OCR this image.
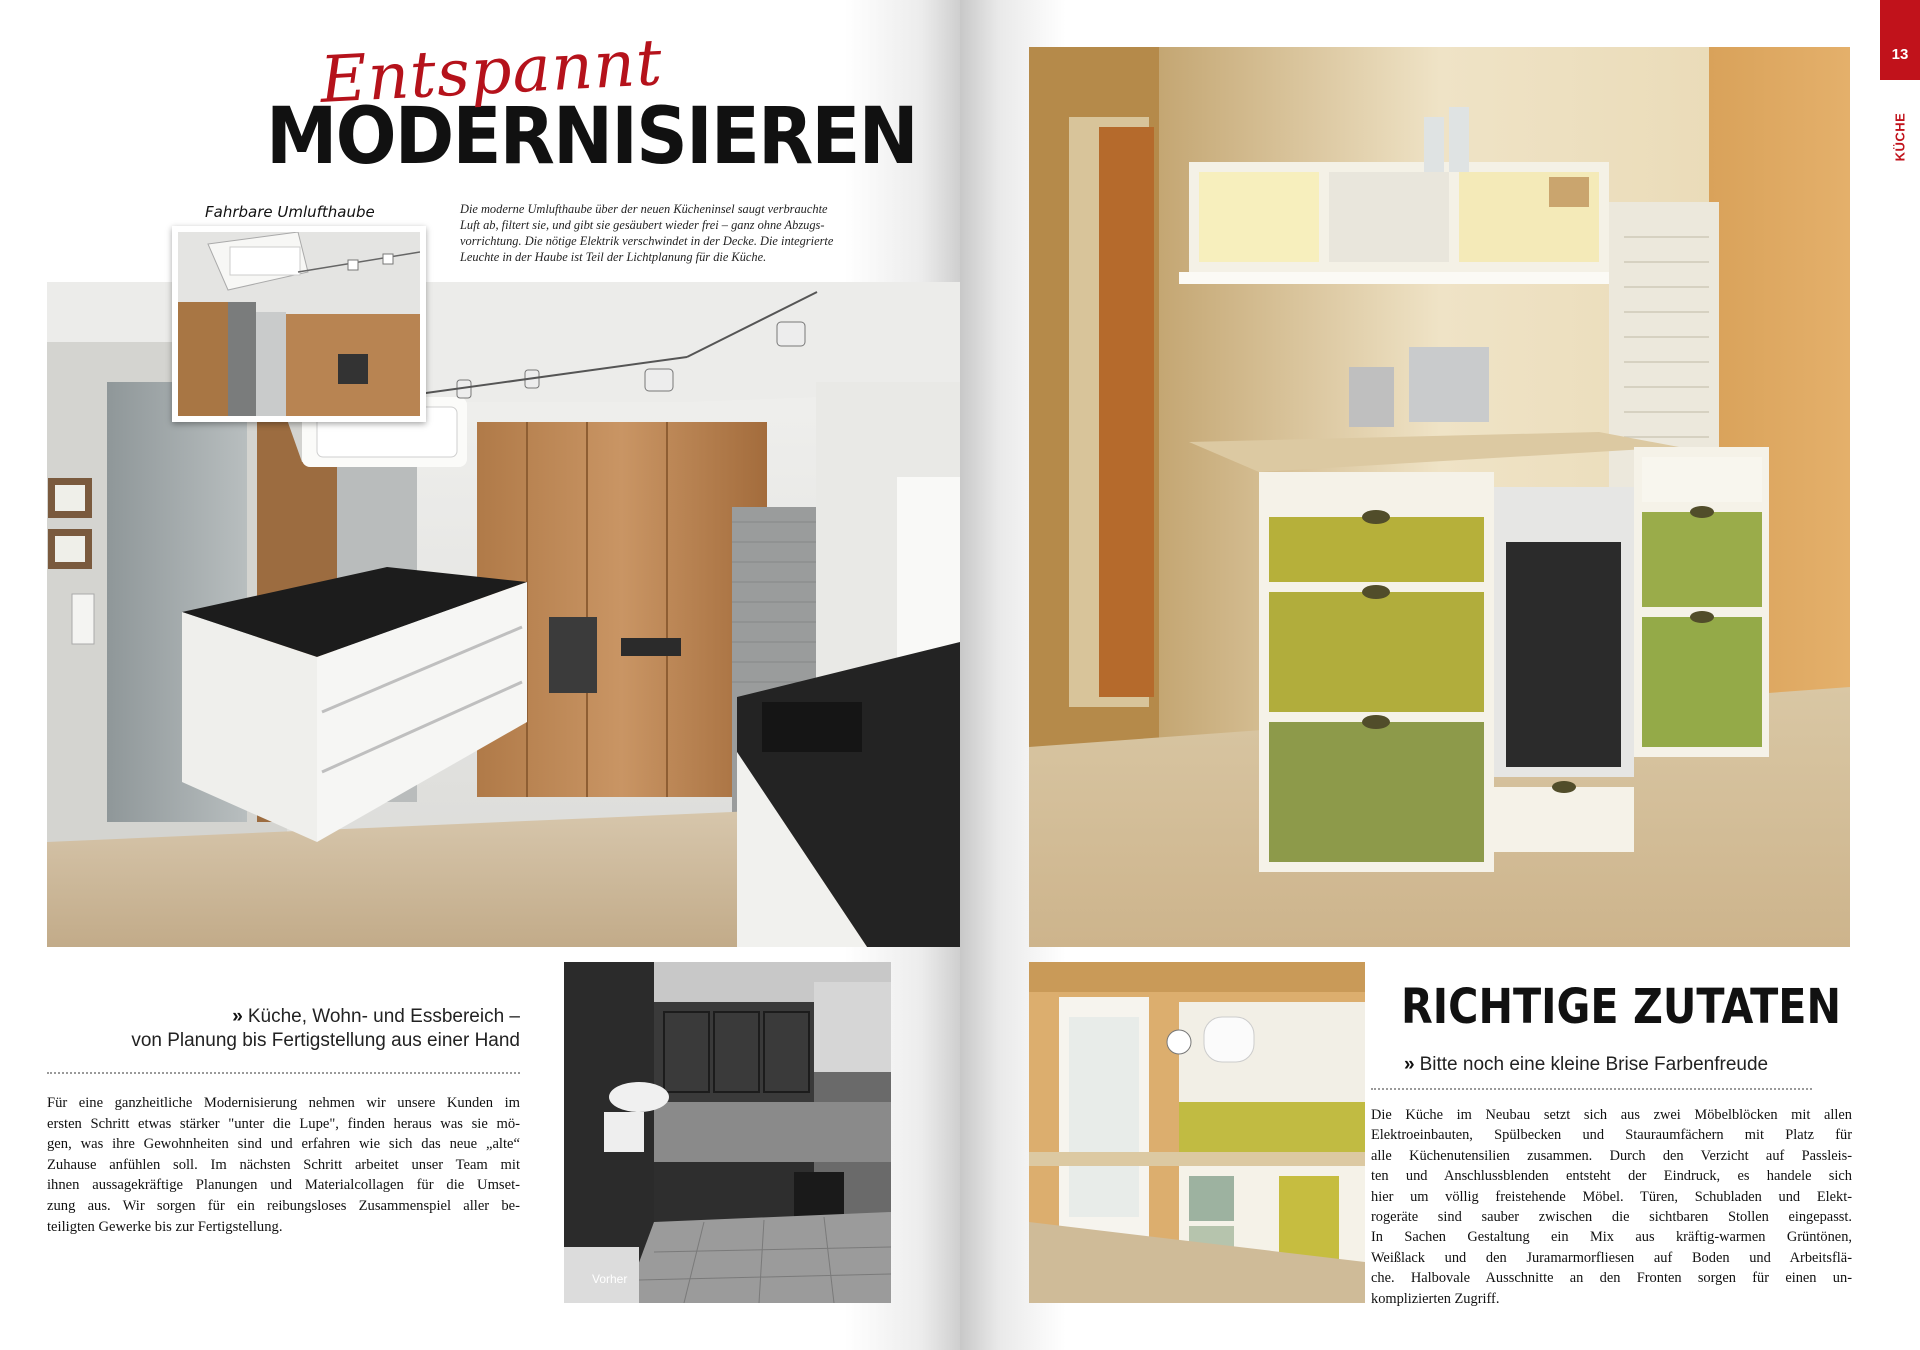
Entspannt
MODERNISIEREN
Fahrbare Umlufthaube	Die moderne Umlufthaube über der neuen Kücheninsel saugt verbrauchte
Luft ab, filtert sie, und gibt sie gesäubert wieder frei – ganz ohne Abzugs-
vorrichtung. Die nötige Elektrik verschwindet in der Decke. Die integrierte
Leuchte in der Haube ist Teil der Lichtplanung für die Küche.
» Küche, Wohn- und Essbereich –
von Planung bis Fertigstellung aus einer Hand
Für eine ganzheitliche Modernisierung nehmen wir unsere Kunden im
ersten Schritt etwas stärker "unter die Lupe", finden heraus was sie mö-
gen, was ihre Gewohnheiten sind und erfahren wie sich das neue „alte“
Zuhause anfühlen soll. Im nächsten Schritt arbeitet unser Team mit
ihnen aussagekräftige Planungen und Materialcollagen für die Umset-
zung aus. Wir sorgen für ein reibungsloses Zusammenspiel aller be-
teiligten Gewerke bis zur Fertigstellung.
Vorher
13
KÜCHE
RICHTIGE ZUTATEN
» Bitte noch eine kleine Brise Farbenfreude
Die Küche im Neubau setzt sich aus zwei Möbelblöcken mit allen
Elektroeinbauten, Spülbecken und Stauraumfächern mit Platz für
alle Küchenutensilien zusammen. Durch den Verzicht auf Passleis-
ten und Anschlussblenden entsteht der Eindruck, es handele sich
hier um völlig freistehende Möbel. Türen, Schubladen und Elekt-
rogeräte sind sauber zwischen die sichtbaren Stollen eingepasst.
In Sachen Gestaltung ein Mix aus kräftig-warmen Grüntönen,
Weißlack und den Juramarmorfliesen auf Boden und Arbeitsflä-
che. Halbovale Ausschnitte an den Fronten sorgen für einen un-
komplizierten Zugriff.
